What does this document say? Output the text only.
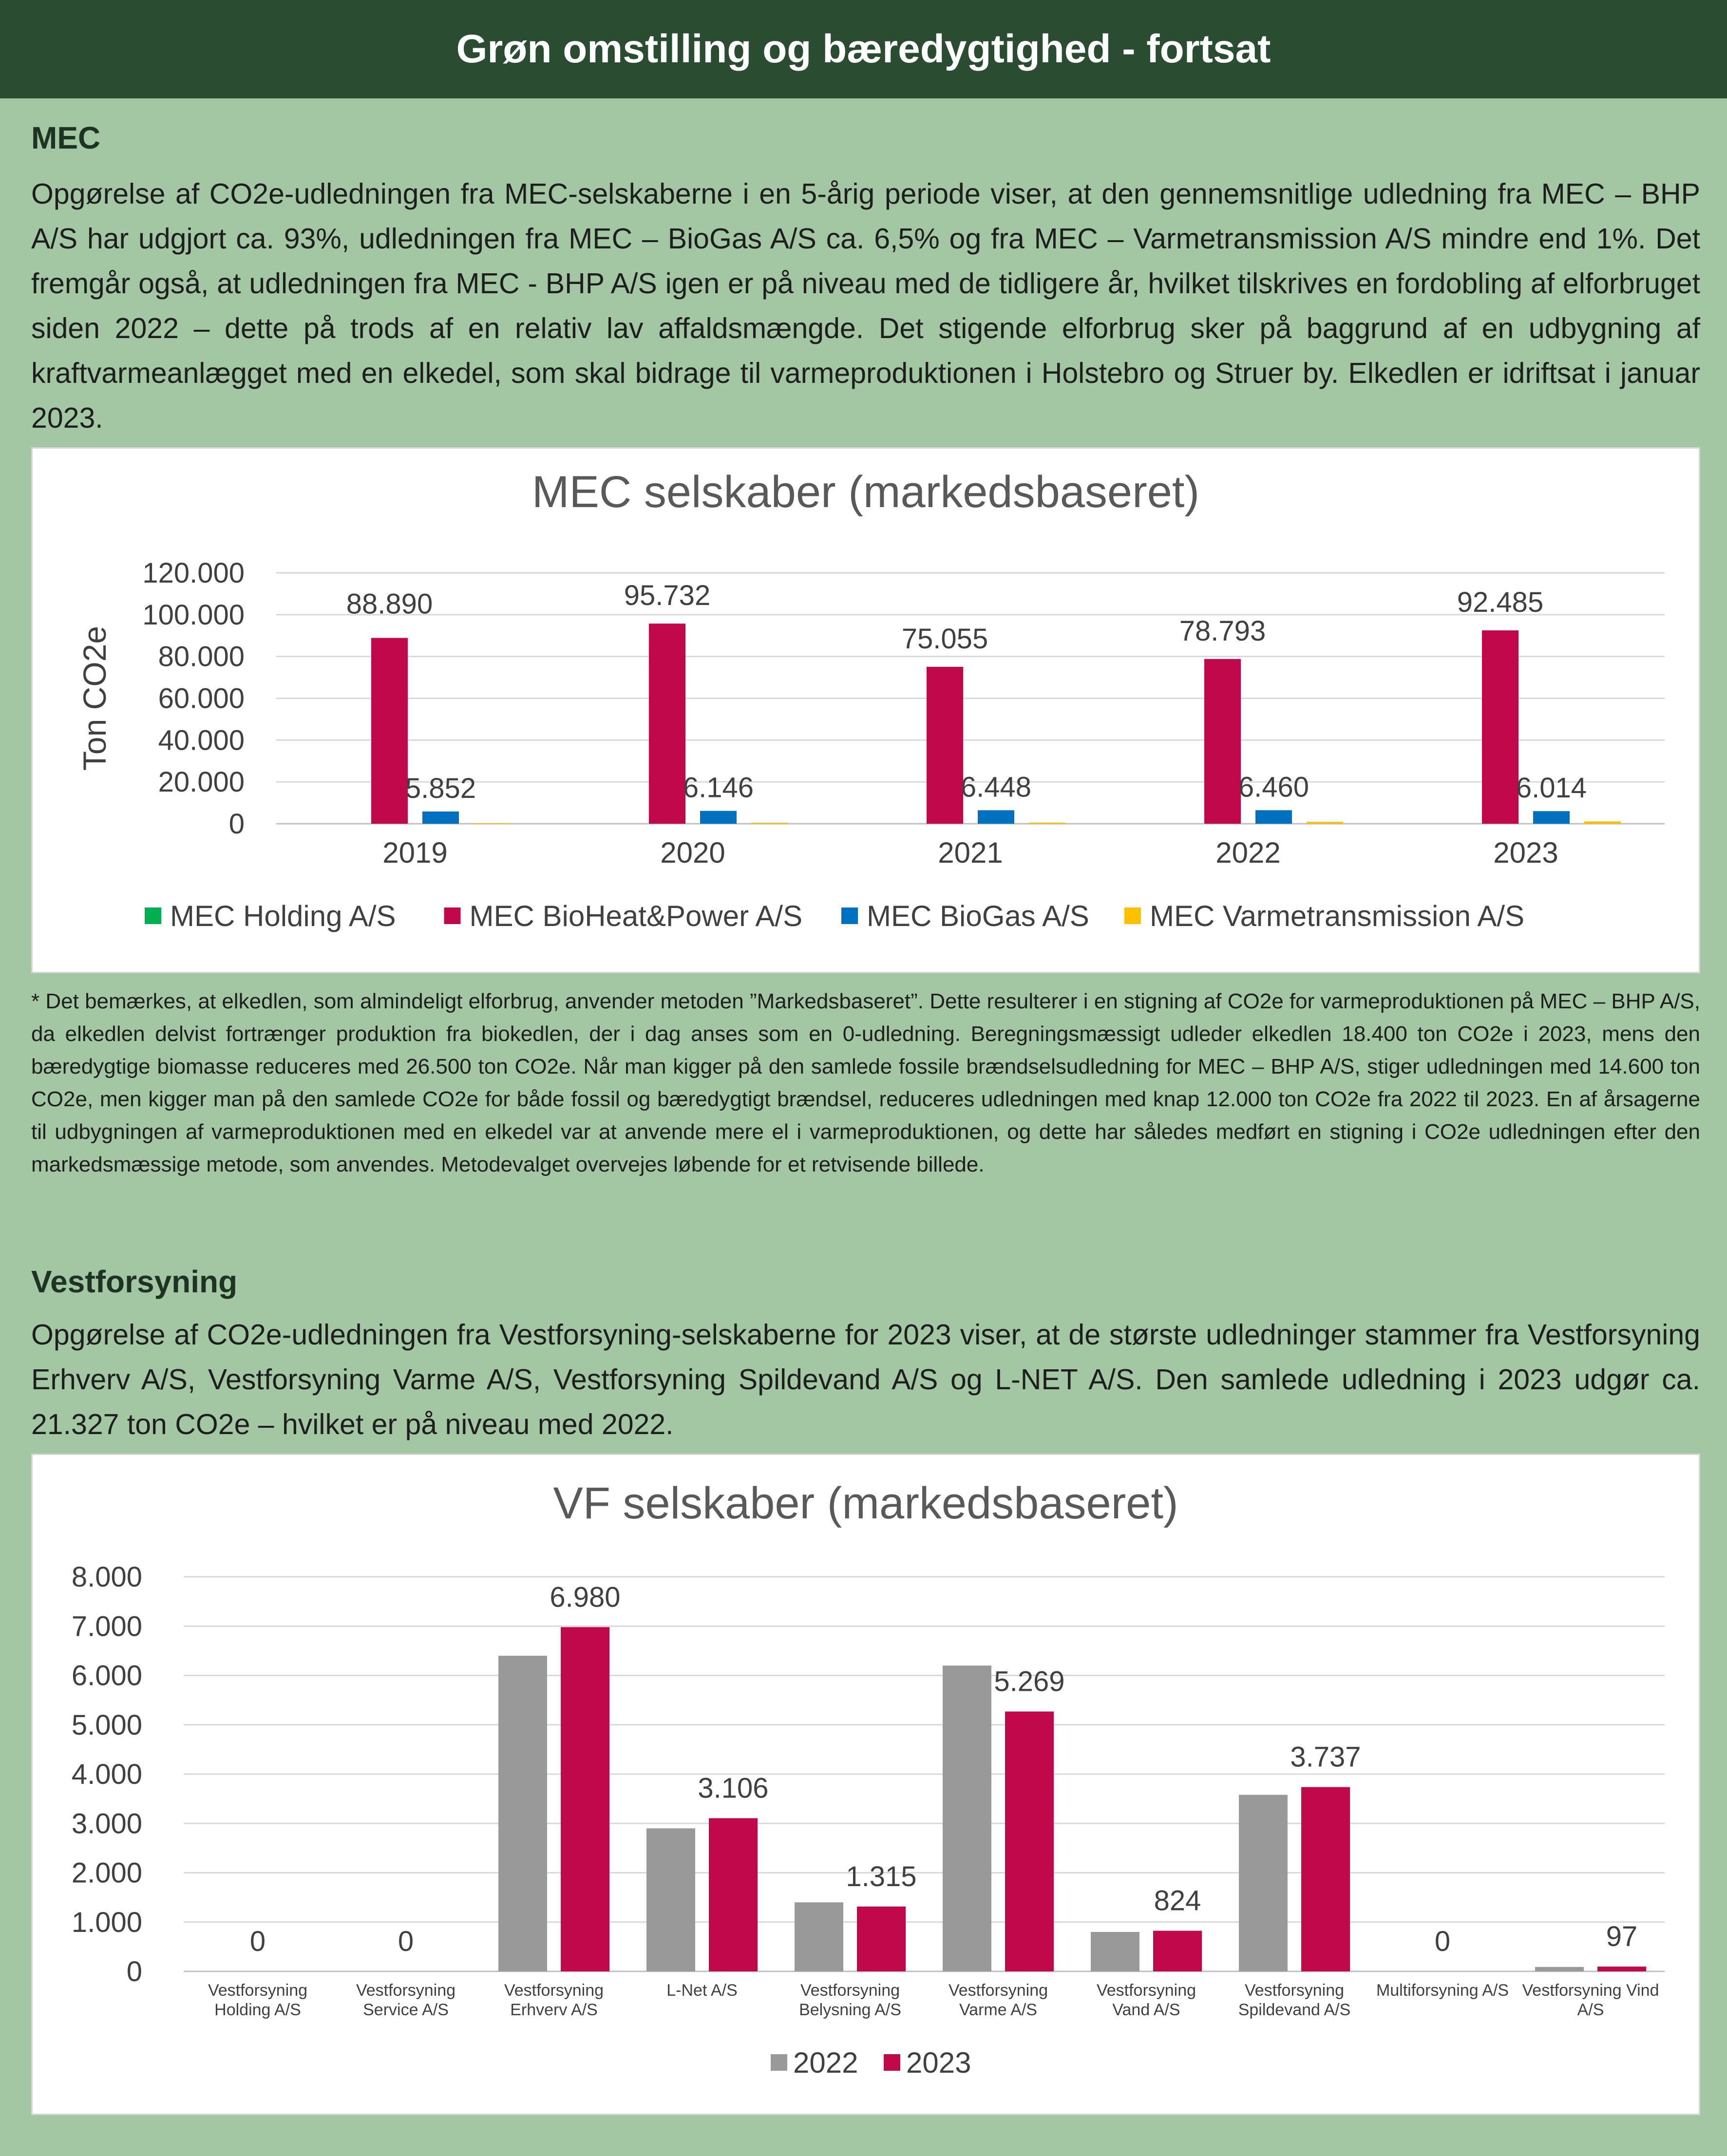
Grøn omstilling og bæredygtighed - fortsat
MEC
Opgørelse af CO2e-udledningen fra MEC-selskaberne i en 5-årig periode viser, at den gennemsnitlige udledning fra MEC – BHP A/S har udgjort ca. 93%, udledningen fra MEC – BioGas A/S ca. 6,5% og fra MEC – Varmetransmission A/S mindre end 1%. Det fremgår også, at udledningen fra MEC - BHP A/S igen er på niveau med de tidligere år, hvilket tilskrives en fordobling af elforbruget siden 2022 – dette på trods af en relativ lav affaldsmængde. Det stigende elforbrug sker på baggrund af en udbygning af kraftvarmeanlægget med en elkedel, som skal bidrage til varmeproduktionen i Holstebro og Struer by. Elkedlen er idriftsat i januar 2023.
MEC selskaber (markedsbaseret)
0
20.000
40.000
60.000
80.000
100.000
120.000
Ton CO2e
2019
88.890
5.852
2020
95.732
6.146
2021
75.055
6.448
2022
78.793
6.460
2023
92.485
6.014
MEC Holding A/S	MEC BioHeat&Power A/S MEC BioGas A/S MEC Varmetransmission A/S
* Det bemærkes, at elkedlen, som almindeligt elforbrug, anvender metoden ”Markedsbaseret”. Dette resulterer i en stigning af CO2e for varmeproduktionen på MEC – BHP A/S, da elkedlen delvist fortrænger produktion fra biokedlen, der i dag anses som en 0-udledning. Beregningsmæssigt udleder elkedlen 18.400 ton CO2e i 2023, mens den bæredygtige biomasse reduceres med 26.500 ton CO2e. Når man kigger på den samlede fossile brændselsudledning for MEC – BHP A/S, stiger udledningen med 14.600 ton CO2e, men kigger man på den samlede CO2e for både fossil og bæredygtigt brændsel, reduceres udledningen med knap 12.000 ton CO2e fra 2022 til 2023. En af årsagerne til udbygningen af varmeproduktionen med en elkedel var at anvende mere el i varmeproduktionen, og dette har således medført en stigning i CO2e udledningen efter den markedsmæssige metode, som anvendes. Metodevalget overvejes løbende for et retvisende billede.
Vestforsyning
Opgørelse af CO2e-udledningen fra Vestforsyning-selskaberne for 2023 viser, at de største udledninger stammer fra Vestforsyning Erhverv A/S, Vestforsyning Varme A/S, Vestforsyning Spildevand A/S og L-NET A/S. Den samlede udledning i 2023 udgør ca. 21.327 ton CO2e – hvilket er på niveau med 2022.
VF selskaber (markedsbaseret)
0
1.000
2.000
3.000
4.000
5.000
6.000
7.000
8.000
Vestforsyning
Holding A/S
0
Vestforsyning
Service A/S
0
Vestforsyning
Erhverv A/S
6.980
L-Net A/S
3.106
Vestforsyning
Belysning A/S
1.315
Vestforsyning
Varme A/S
5.269
Vestforsyning
Vand A/S
824
Vestforsyning
Spildevand A/S
3.737
Multiforsyning A/S
0
Vestforsyning Vind
A/S
97
2022 2023
